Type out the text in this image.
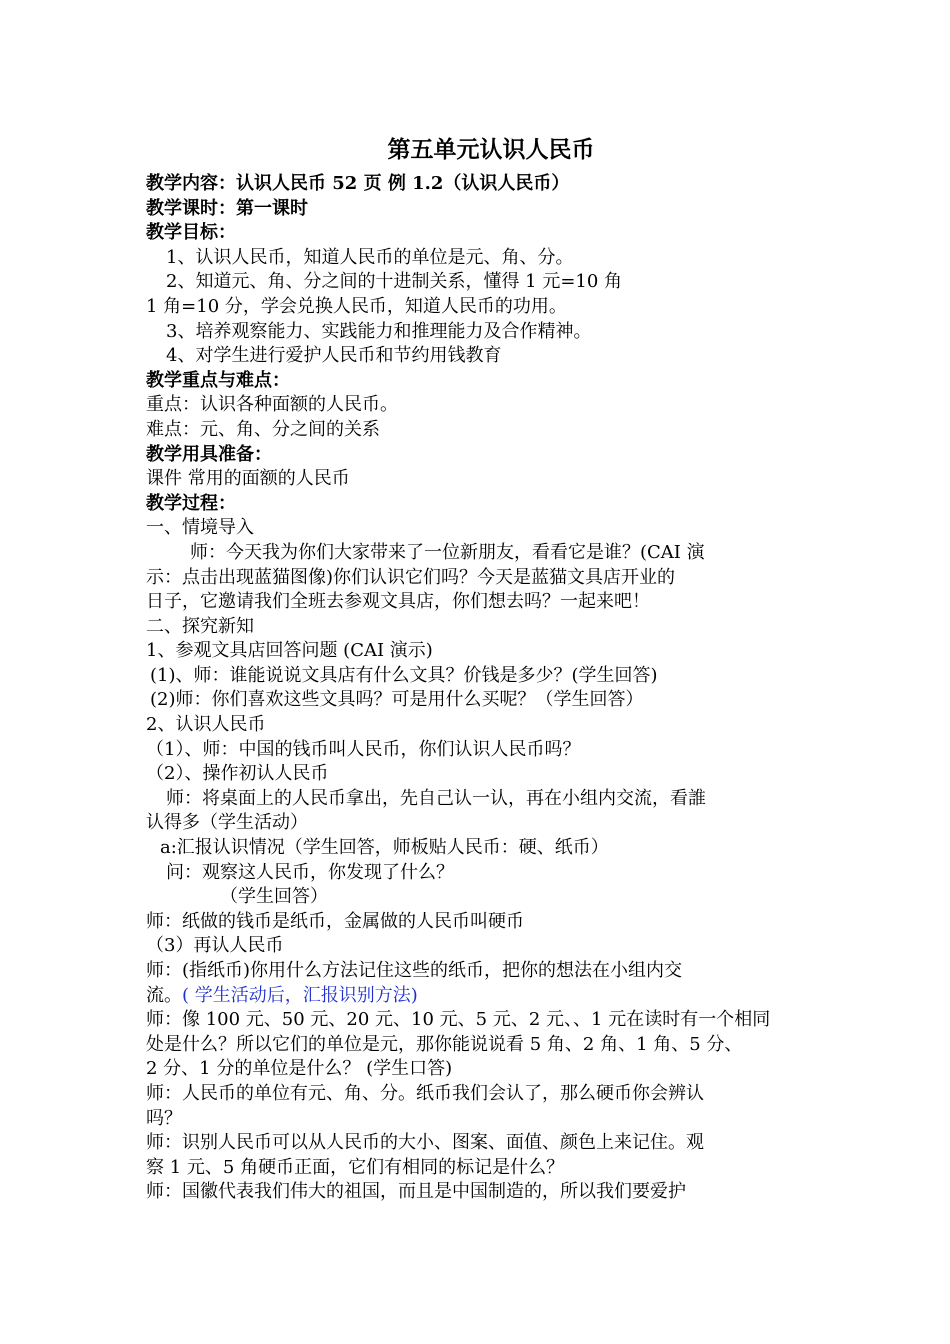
第五单元认识人民币
教学内容：认识人民币 52 页 例 1.2（认识人民币）
教学课时：第一课时
教学目标：
1、认识人民币，知道人民币的单位是元、角、分。
2、知道元、角、分之间的十进制关系，懂得 1 元=10 角
1 角=10 分，学会兑换人民币，知道人民币的功用。
3、培养观察能力、实践能力和推理能力及合作精神。
4、对学生进行爱护人民币和节约用钱教育
教学重点与难点：
重点：认识各种面额的人民币。
难点：元、角、分之间的关系
教学用具准备：
课件 常用的面额的人民币
教学过程：
一、情境导入
师：今天我为你们大家带来了一位新朋友，看看它是谁？(CAI 演
示：点击出现蓝猫图像)你们认识它们吗？今天是蓝猫文具店开业的
日子，它邀请我们全班去参观文具店，你们想去吗？一起来吧！
二、探究新知
1、参观文具店回答问题 (CAI 演示)
(1)、师：谁能说说文具店有什么文具？价钱是多少？(学生回答)
(2)师：你们喜欢这些文具吗？可是用什么买呢？（学生回答）
2、认识人民币
（1）、师：中国的钱币叫人民币，你们认识人民币吗？
（2）、操作初认人民币
师：将桌面上的人民币拿出，先自己认一认，再在小组内交流，看誰
认得多（学生活动）
a:汇报认识情况（学生回答，师板贴人民币：硬、纸币）
问：观察这人民币，你发现了什么？
（学生回答）
师：纸做的钱币是纸币，金属做的人民币叫硬币
（3）再认人民币
师：(指纸币)你用什么方法记住这些的纸币，把你的想法在小组内交
流。( 学生活动后，汇报识别方法)
师：像 100 元、50 元、20 元、10 元、5 元、2 元、、1 元在读时有一个相同
处是什么？所以它们的单位是元，那你能说说看 5 角、2 角、1 角、5 分、
2 分、1 分的单位是什么？ (学生口答)
师：人民币的单位有元、角、分。纸币我们会认了，那么硬币你会辨认
吗？
师：识别人民币可以从人民币的大小、图案、面值、颜色上来记住。观
察 1 元、5 角硬币正面，它们有相同的标记是什么？
师：国徽代表我们伟大的祖国，而且是中国制造的，所以我们要爱护
